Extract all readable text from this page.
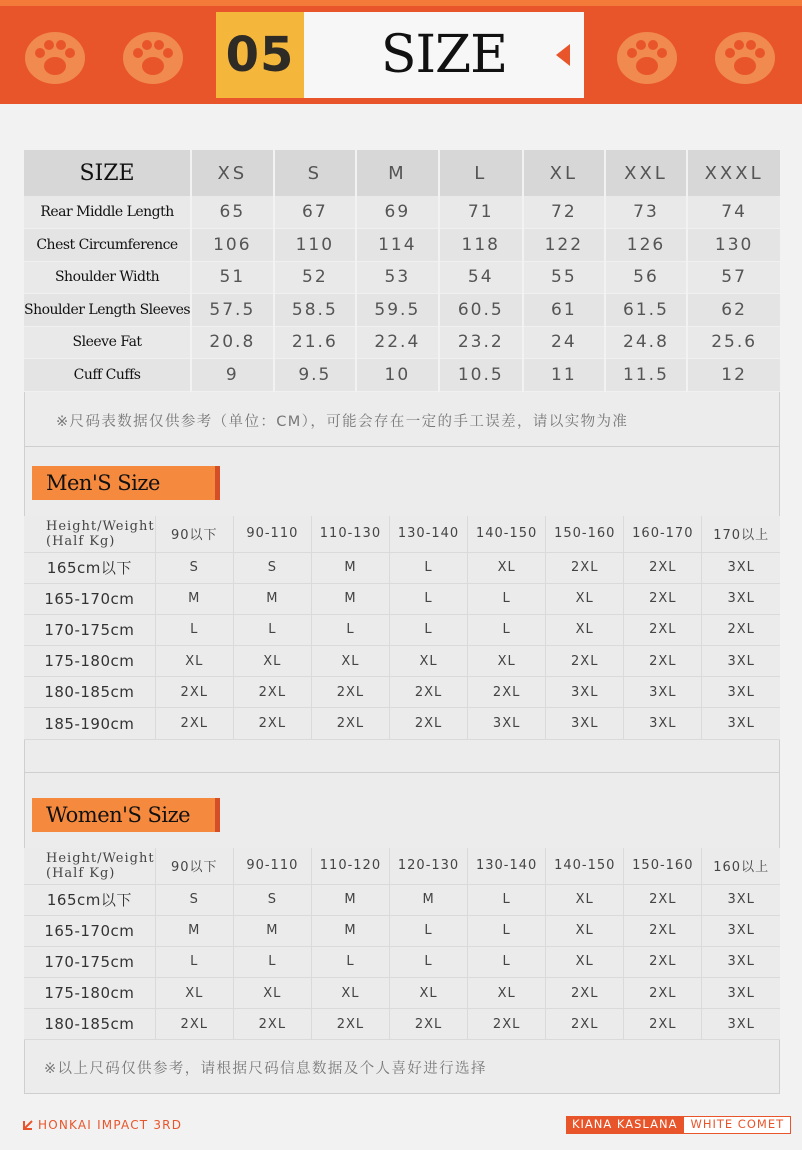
05 SIZE
SIZE	XS	S	M	L	XL	XXL	XXXL
Rear Middle Length	65	67	69	71	72	73	74
Chest Circumference	106	110	114	118	122	126	130
Shoulder Width	51	52	53	54	55	56	57
Shoulder Length Sleeves	57.5	58.5	59.5	60.5	61	61.5	62
Sleeve Fat	20.8	21.6	22.4	23.2	24	24.8	25.6
Cuff Cuffs	9	9.5	10	10.5	11	11.5	12
※尺码表数据仅供参考（单位：CM），可能会存在一定的手工误差，请以实物为准
Men'S Size
Height/Weight
(Half Kg)	90以下	90-110	110-130	130-140	140-150	150-160	160-170	170以上
165cm以下	S	S	M	L	XL	2XL	2XL	3XL
165-170cm	M	M	M	L	L	XL	2XL	3XL
170-175cm	L	L	L	L	L	XL	2XL	2XL
175-180cm	XL	XL	XL	XL	XL	2XL	2XL	3XL
180-185cm	2XL	2XL	2XL	2XL	2XL	3XL	3XL	3XL
185-190cm	2XL	2XL	2XL	2XL	3XL	3XL	3XL	3XL
Women'S Size
Height/Weight
(Half Kg)	90以下	90-110	110-120	120-130	130-140	140-150	150-160	160以上
165cm以下	S	S	M	M	L	XL	2XL	3XL
165-170cm	M	M	M	L	L	XL	2XL	3XL
170-175cm	L	L	L	L	L	XL	2XL	3XL
175-180cm	XL	XL	XL	XL	XL	2XL	2XL	3XL
180-185cm	2XL	2XL	2XL	2XL	2XL	2XL	2XL	3XL
※以上尺码仅供参考，请根据尺码信息数据及个人喜好进行选择
HONKAI IMPACT 3RD	KIANA KASLANA	WHITE COMET
